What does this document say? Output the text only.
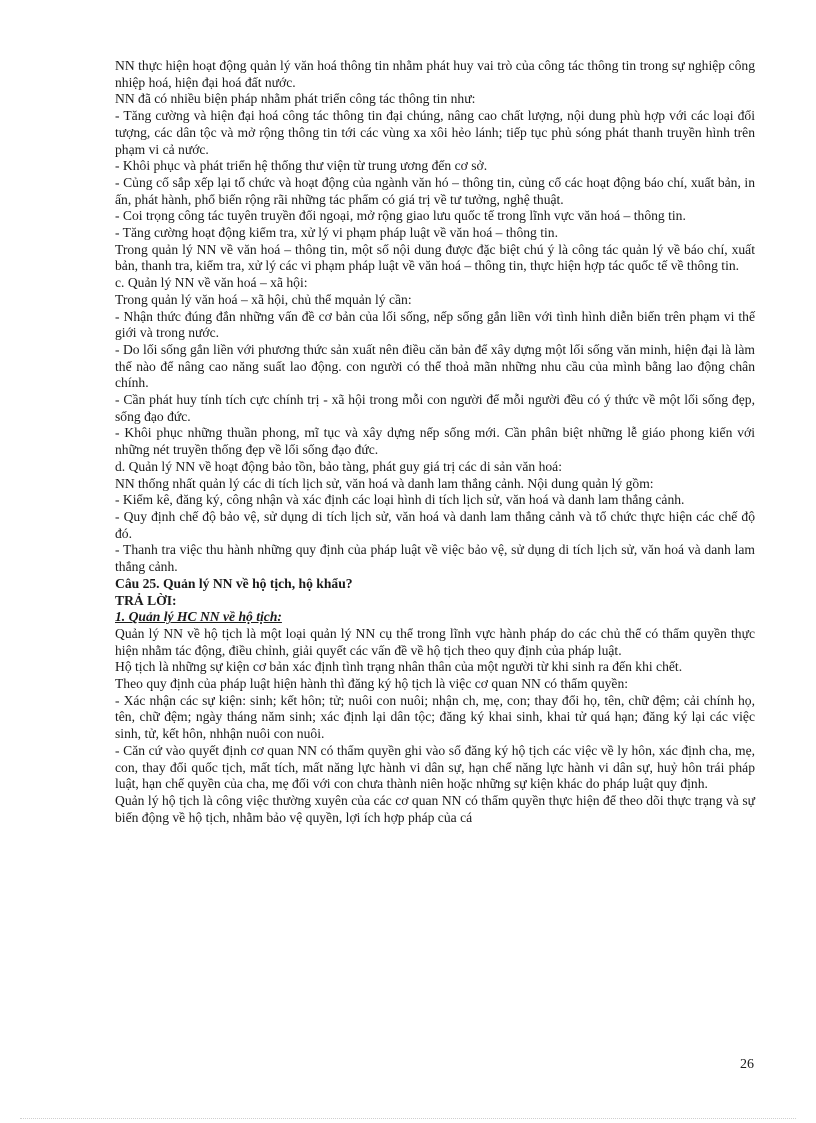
NN thực hiện hoạt động quản lý văn hoá thông tin nhằm phát huy vai trò của công tác thông tin trong sự nghiệp công nhiệp hoá, hiện đại hoá đất nước.

NN đã có nhiều biện pháp nhằm phát triển công tác thông tin như:

- Tăng cường và hiện đại hoá công tác thông tin đại chúng, nâng cao chất lượng, nội dung phù hợp với các loại đối tượng, các dân tộc và mở rộng thông tin tới các vùng xa xôi hẻo lánh; tiếp tục phủ sóng phát thanh truyền hình trên phạm vi cả nước.

- Khôi phục và phát triển hệ thống thư viện từ trung ương đến cơ sở.

- Củng cố sắp xếp lại tổ chức và hoạt động của ngành văn hó – thông tin, củng cố các hoạt động báo chí, xuất bản, in ấn, phát hành, phổ biến rộng rãi những tác phẩm có giá trị về tư tưởng, nghệ thuật.

- Coi trọng công tác tuyên truyền đối ngoại, mở rộng giao lưu quốc tế trong lĩnh vực văn hoá – thông tin.

- Tăng cường hoạt động kiểm tra, xử lý vi phạm pháp luật về văn hoá – thông tin.

Trong quản lý NN về văn hoá – thông tin, một số nội dung được đặc biệt chú ý là công tác quản lý về báo chí, xuất bản, thanh tra, kiểm tra, xử lý các vi phạm pháp luật về văn hoá – thông tin, thực hiện hợp tác quốc tế về thông tin.

c. Quản lý NN về văn hoá – xã hội:

Trong quản lý văn hoá – xã hội, chủ thể mquản lý cần:

- Nhận thức đúng đắn những vấn đề cơ bản của lối sống, nếp sống gắn liền với tình hình diễn biến trên phạm vi thế giới và trong nước.

- Do lối sống gắn liền với phương thức sản xuất nên điều căn bản để xây dựng một lối sống văn minh, hiện đại là làm thế nào để nâng cao năng suất lao động. con người có thể thoả mãn những nhu cầu của mình bằng lao động chân chính.

- Cần phát huy tính tích cực chính trị - xã hội trong mỗi con người để mỗi người đều có ý thức về một lối sống đẹp, sống đạo đức.

- Khôi phục những thuần phong, mĩ tục và xây dựng nếp sống mới. Cần phân biệt những lễ giáo phong kiến với những nét truyền thống đẹp về lối sống đạo đức.

d. Quản lý NN về hoạt động bảo tồn, bảo tàng, phát guy giá trị các di sản văn hoá:

NN thống nhất quản lý các di tích lịch sử, văn hoá và danh lam thắng cảnh. Nội dung quản lý gồm:

- Kiểm kê, đăng ký, công nhận và xác định các loại hình di tích lịch sử, văn hoá và danh lam thắng cảnh.

- Quy định chế độ bảo vệ, sử dụng di tích lịch sử, văn hoá và danh lam thắng cảnh và tổ chức thực hiện các chế độ đó.

- Thanh tra việc thu hành những quy định của pháp luật về việc bảo vệ, sử dụng di tích lịch sử, văn hoá và danh lam thắng cảnh.

Câu 25. Quản lý NN về hộ tịch, hộ khẩu?

TRẢ LỜI:

1. Quản lý HC NN về hộ tịch:

Quản lý NN về hộ tịch là một loại quản lý NN cụ thể trong lĩnh vực hành pháp do các chủ thể có thẩm quyền thực hiện nhằm tác động, điều chỉnh, giải quyết các vấn đề về hộ tịch theo quy định của pháp luật.

Hộ tịch là những sự kiện cơ bản xác định tình trạng nhân thân của một người từ khi sinh ra đến khi chết.

Theo quy định của pháp luật hiện hành thì đăng ký hộ tịch là việc cơ quan NN có thẩm quyền:

- Xác nhận các sự kiện: sinh; kết hôn; tử; nuôi con nuôi; nhận ch, mẹ, con; thay đổi họ, tên, chữ đệm; cải chính họ, tên, chữ đệm; ngày tháng năm sinh; xác định lại dân tộc; đăng ký khai sinh, khai tử quá hạn; đăng ký lại các việc sinh, tử, kết hôn, nhhận nuôi con nuôi.

- Căn cứ vào quyết định cơ quan NN có thẩm quyền ghi vào sổ đăng ký hộ tịch các việc về ly hôn, xác định cha, mẹ, con, thay đổi quốc tịch, mất tích, mất năng lực hành vi dân sự, hạn chế năng lực hành vi dân sự, huỷ hôn trái pháp luật, hạn chế quyền của cha, mẹ đối với con chưa thành niên hoặc những sự kiện khác do pháp luật quy định.

Quản lý hộ tịch là công việc thường xuyên của các cơ quan NN có thẩm quyền thực hiện để theo dõi thực trạng và sự biến động về hộ tịch, nhằm bảo vệ quyền, lợi ích hợp pháp của cá

26
